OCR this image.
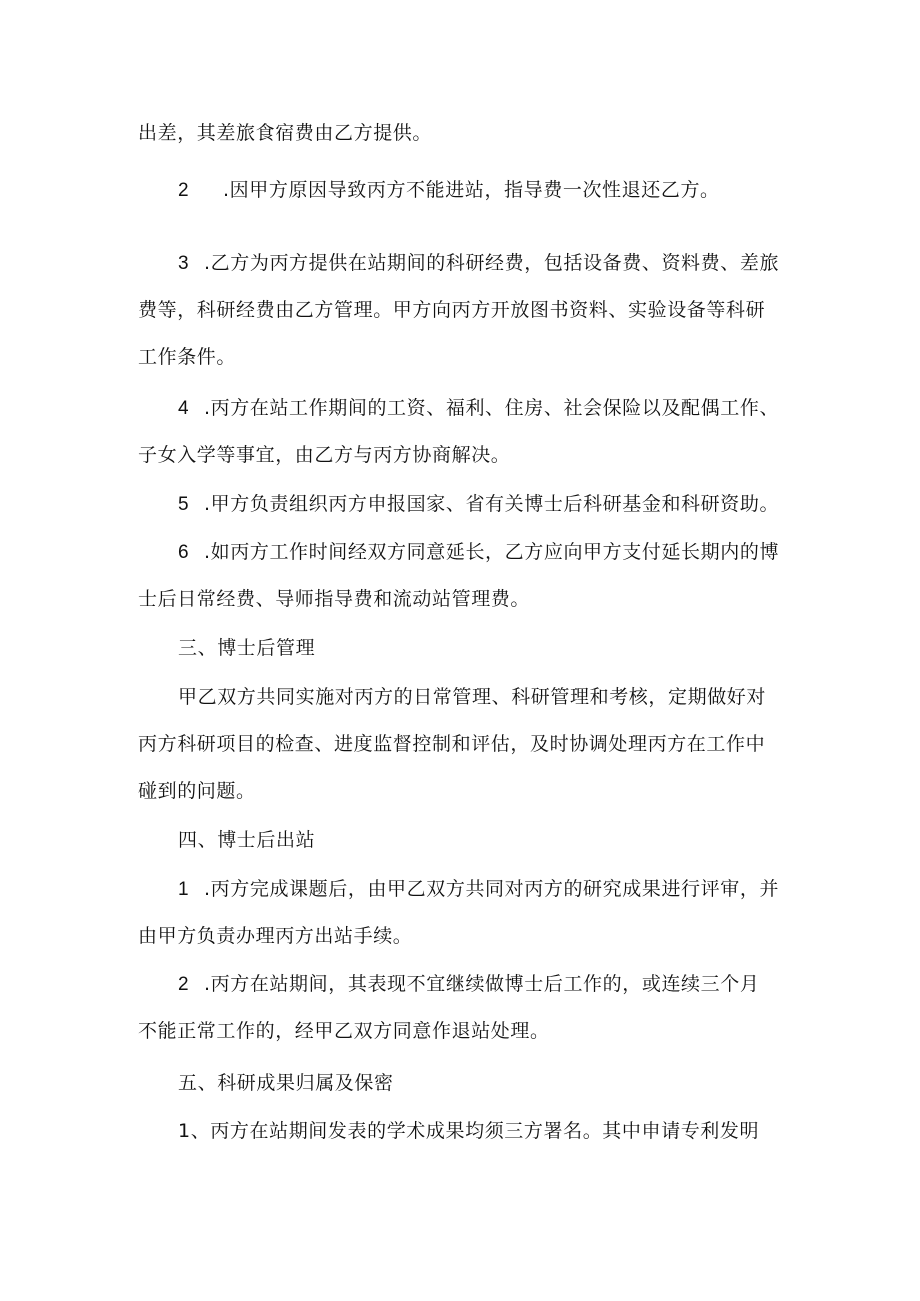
出差，其差旅食宿费由乙方提供。
2 .因甲方原因导致丙方不能进站，指导费一次性退还乙方。
3 .乙方为丙方提供在站期间的科研经费，包括设备费、资料费、差旅
费等，科研经费由乙方管理。甲方向丙方开放图书资料、实验设备等科研
工作条件。
4 .丙方在站工作期间的工资、福利、住房、社会保险以及配偶工作、
子女入学等事宜，由乙方与丙方协商解决。
5 .甲方负责组织丙方申报国家、省有关博士后科研基金和科研资助。
6 .如丙方工作时间经双方同意延长，乙方应向甲方支付延长期内的博
士后日常经费、导师指导费和流动站管理费。
三、博士后管理
甲乙双方共同实施对丙方的日常管理、科研管理和考核，定期做好对
丙方科研项目的检查、进度监督控制和评估，及时协调处理丙方在工作中
碰到的问题。
四、博士后出站
1 .丙方完成课题后，由甲乙双方共同对丙方的研究成果进行评审，并
由甲方负责办理丙方出站手续。
2 .丙方在站期间，其表现不宜继续做博士后工作的，或连续三个月
不能正常工作的，经甲乙双方同意作退站处理。
五、科研成果归属及保密
1、丙方在站期间发表的学术成果均须三方署名。其中申请专利发明
